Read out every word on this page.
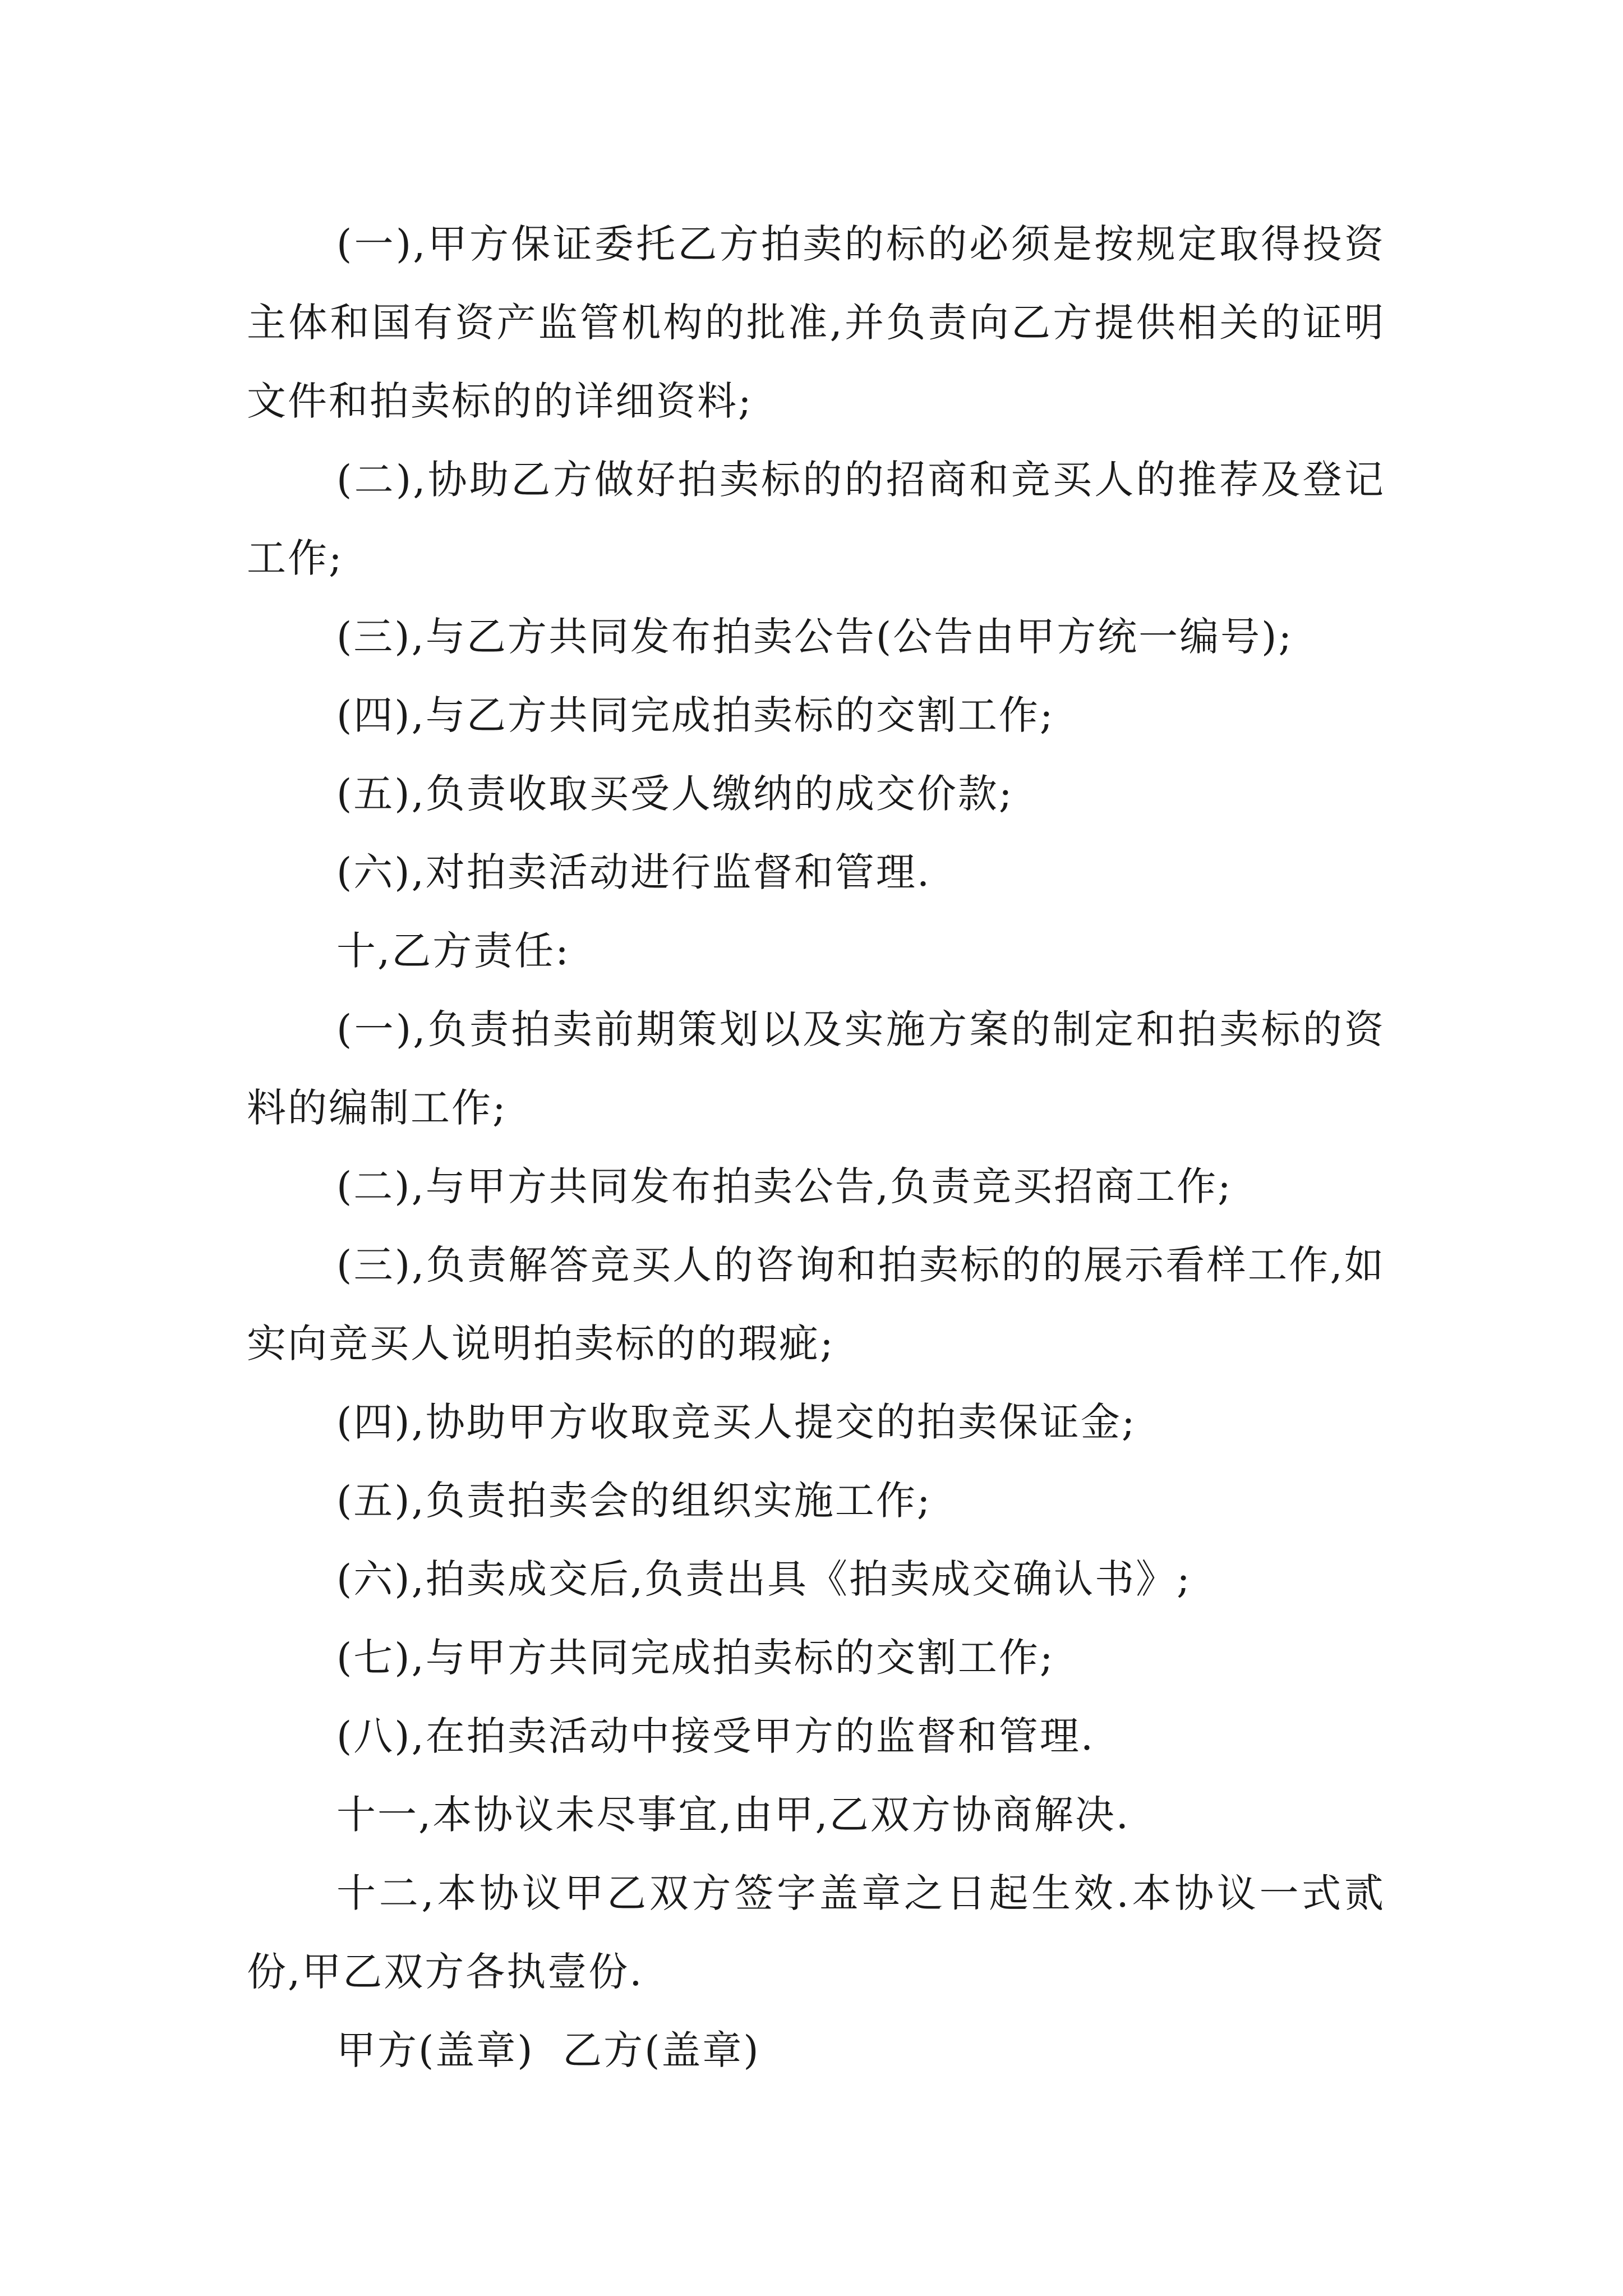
(一),甲方保证委托乙方拍卖的标的必须是按规定取得投资主体和国有资产监管机构的批准,并负责向乙方提供相关的证明文件和拍卖标的的详细资料;

(二),协助乙方做好拍卖标的的招商和竞买人的推荐及登记工作;

(三),与乙方共同发布拍卖公告(公告由甲方统一编号);

(四),与乙方共同完成拍卖标的交割工作;

(五),负责收取买受人缴纳的成交价款;

(六),对拍卖活动进行监督和管理.

十,乙方责任:

(一),负责拍卖前期策划以及实施方案的制定和拍卖标的资料的编制工作;

(二),与甲方共同发布拍卖公告,负责竞买招商工作;

(三),负责解答竞买人的咨询和拍卖标的的展示看样工作,如实向竞买人说明拍卖标的的瑕疵;

(四),协助甲方收取竞买人提交的拍卖保证金;

(五),负责拍卖会的组织实施工作;

(六),拍卖成交后,负责出具《拍卖成交确认书》;

(七),与甲方共同完成拍卖标的交割工作;

(八),在拍卖活动中接受甲方的监督和管理.

十一,本协议未尽事宜,由甲,乙双方协商解决.

十二,本协议甲乙双方签字盖章之日起生效.本协议一式贰份,甲乙双方各执壹份.

甲方(盖章)  乙方(盖章)
